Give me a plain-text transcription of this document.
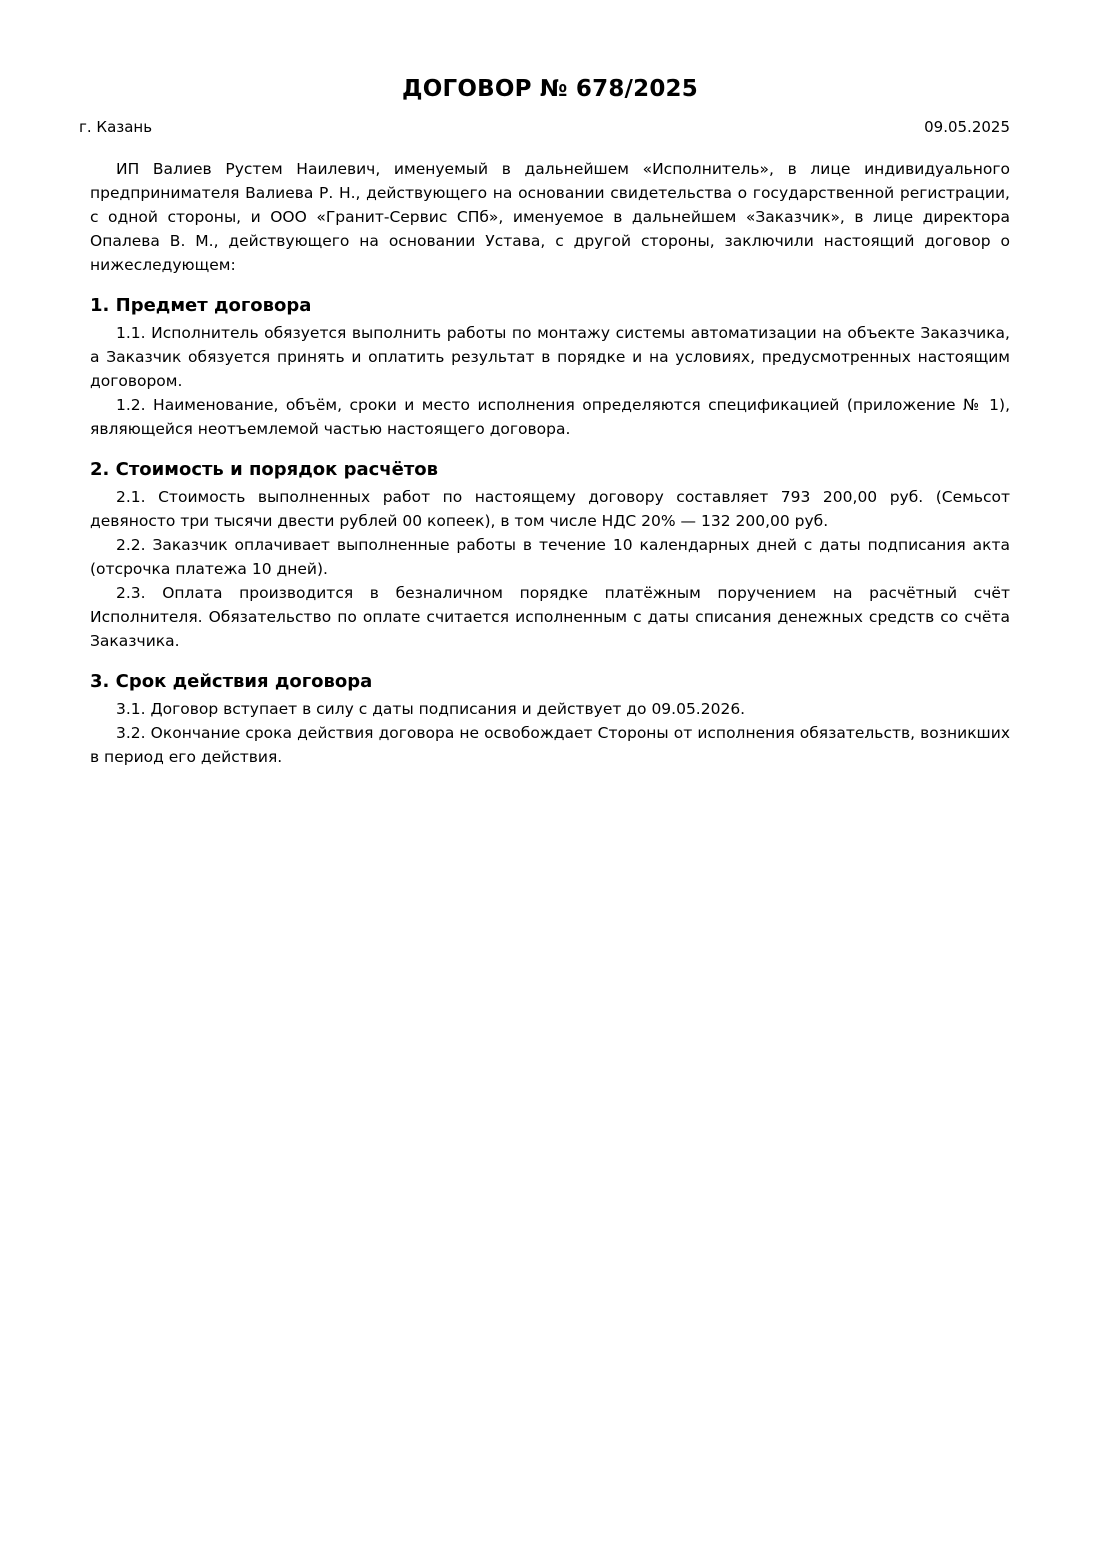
ДОГОВОР № 678/2025
г. Казань	09.05.2025

ИП Валиев Рустем Наилевич, именуемый в дальнейшем «Исполнитель», в лице индивидуального предпринимателя Валиева Р. Н., действующего на основании свидетельства о государственной регистрации, с одной стороны, и ООО «Гранит-Сервис СПб», именуемое в дальнейшем «Заказчик», в лице директора Опалева В. М., действующего на основании Устава, с другой стороны, заключили настоящий договор о нижеследующем:

1. Предмет договора

1.1. Исполнитель обязуется выполнить работы по монтажу системы автоматизации на объекте Заказчика, а Заказчик обязуется принять и оплатить результат в порядке и на условиях, предусмотренных настоящим договором.

1.2. Наименование, объём, сроки и место исполнения определяются спецификацией (приложение № 1), являющейся неотъемлемой частью настоящего договора.

2. Стоимость и порядок расчётов

2.1. Стоимость выполненных работ по настоящему договору составляет 793 200,00 руб. (Семьсот девяносто три тысячи двести рублей 00 копеек), в том числе НДС 20% — 132 200,00 руб.

2.2. Заказчик оплачивает выполненные работы в течение 10 календарных дней с даты подписания акта (отсрочка платежа 10 дней).

2.3. Оплата производится в безналичном порядке платёжным поручением на расчётный счёт Исполнителя. Обязательство по оплате считается исполненным с даты списания денежных средств со счёта Заказчика.

3. Срок действия договора

3.1. Договор вступает в силу с даты подписания и действует до 09.05.2026.

3.2. Окончание срока действия договора не освобождает Стороны от исполнения обязательств, возникших в период его действия.
